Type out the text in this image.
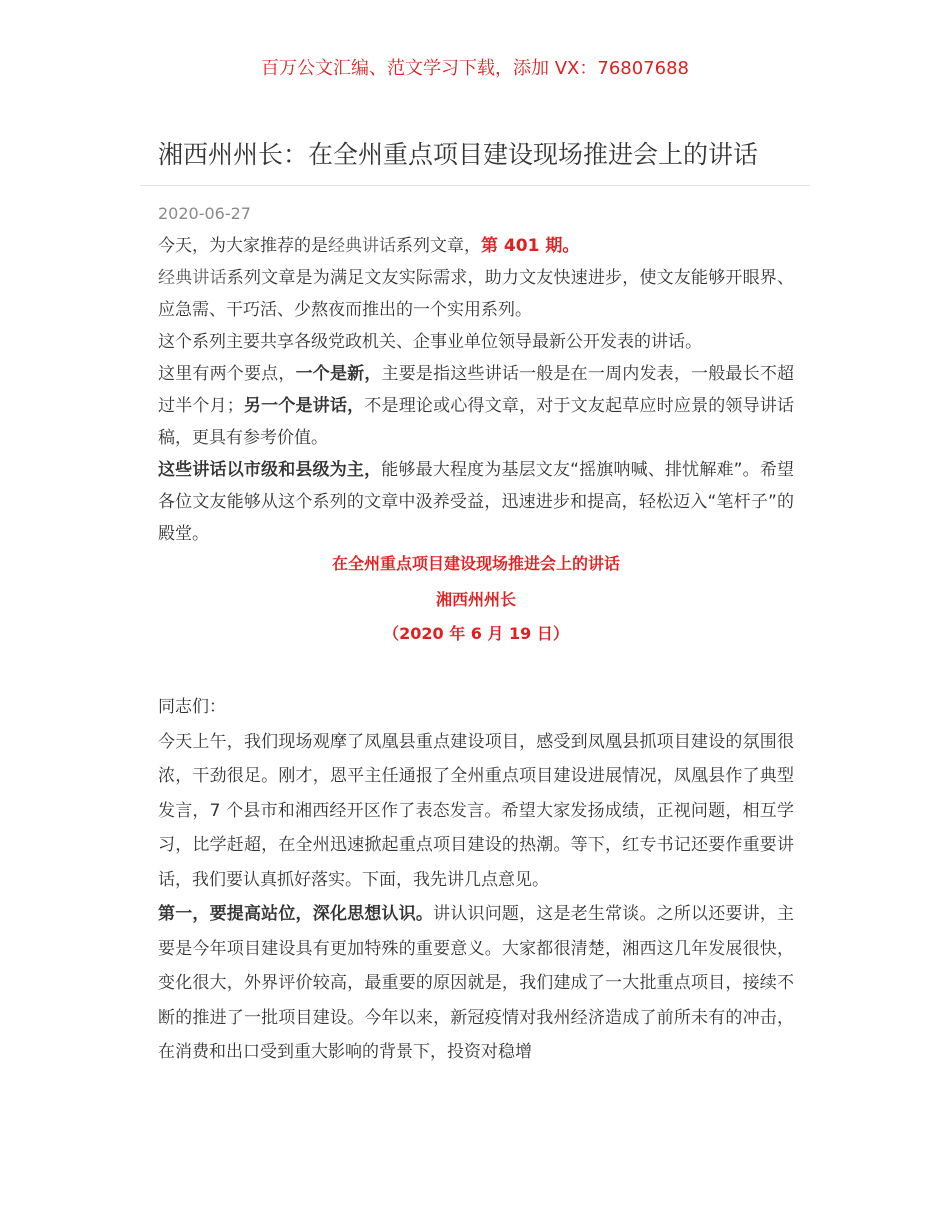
百万公文汇编、范文学习下载，添加 VX：76807688
湘西州州长：在全州重点项目建设现场推进会上的讲话
2020-06-27

今天，为大家推荐的是经典讲话系列文章，第 401 期。

经典讲话系列文章是为满足文友实际需求，助力文友快速进步，使文友能够开眼界、应急需、干巧活、少熬夜而推出的一个实用系列。

这个系列主要共享各级党政机关、企事业单位领导最新公开发表的讲话。

这里有两个要点，一个是新，主要是指这些讲话一般是在一周内发表，一般最长不超过半个月；另一个是讲话，不是理论或心得文章，对于文友起草应时应景的领导讲话稿，更具有参考价值。

这些讲话以市级和县级为主，能够最大程度为基层文友“摇旗呐喊、排忧解难”。希望各位文友能够从这个系列的文章中汲养受益，迅速进步和提高，轻松迈入“笔杆子”的殿堂。

在全州重点项目建设现场推进会上的讲话
湘西州州长
（2020 年 6 月 19 日）

同志们：

今天上午，我们现场观摩了凤凰县重点建设项目，感受到凤凰县抓项目建设的氛围很浓，干劲很足。刚才，恩平主任通报了全州重点项目建设进展情况，凤凰县作了典型发言，7 个县市和湘西经开区作了表态发言。希望大家发扬成绩，正视问题，相互学习，比学赶超，在全州迅速掀起重点项目建设的热潮。等下，红专书记还要作重要讲话，我们要认真抓好落实。下面，我先讲几点意见。

第一，要提高站位，深化思想认识。讲认识问题，这是老生常谈。之所以还要讲，主要是今年项目建设具有更加特殊的重要意义。大家都很清楚，湘西这几年发展很快，变化很大，外界评价较高，最重要的原因就是，我们建成了一大批重点项目，接续不断的推进了一批项目建设。今年以来，新冠疫情对我州经济造成了前所未有的冲击，在消费和出口受到重大影响的背景下，投资对稳增
